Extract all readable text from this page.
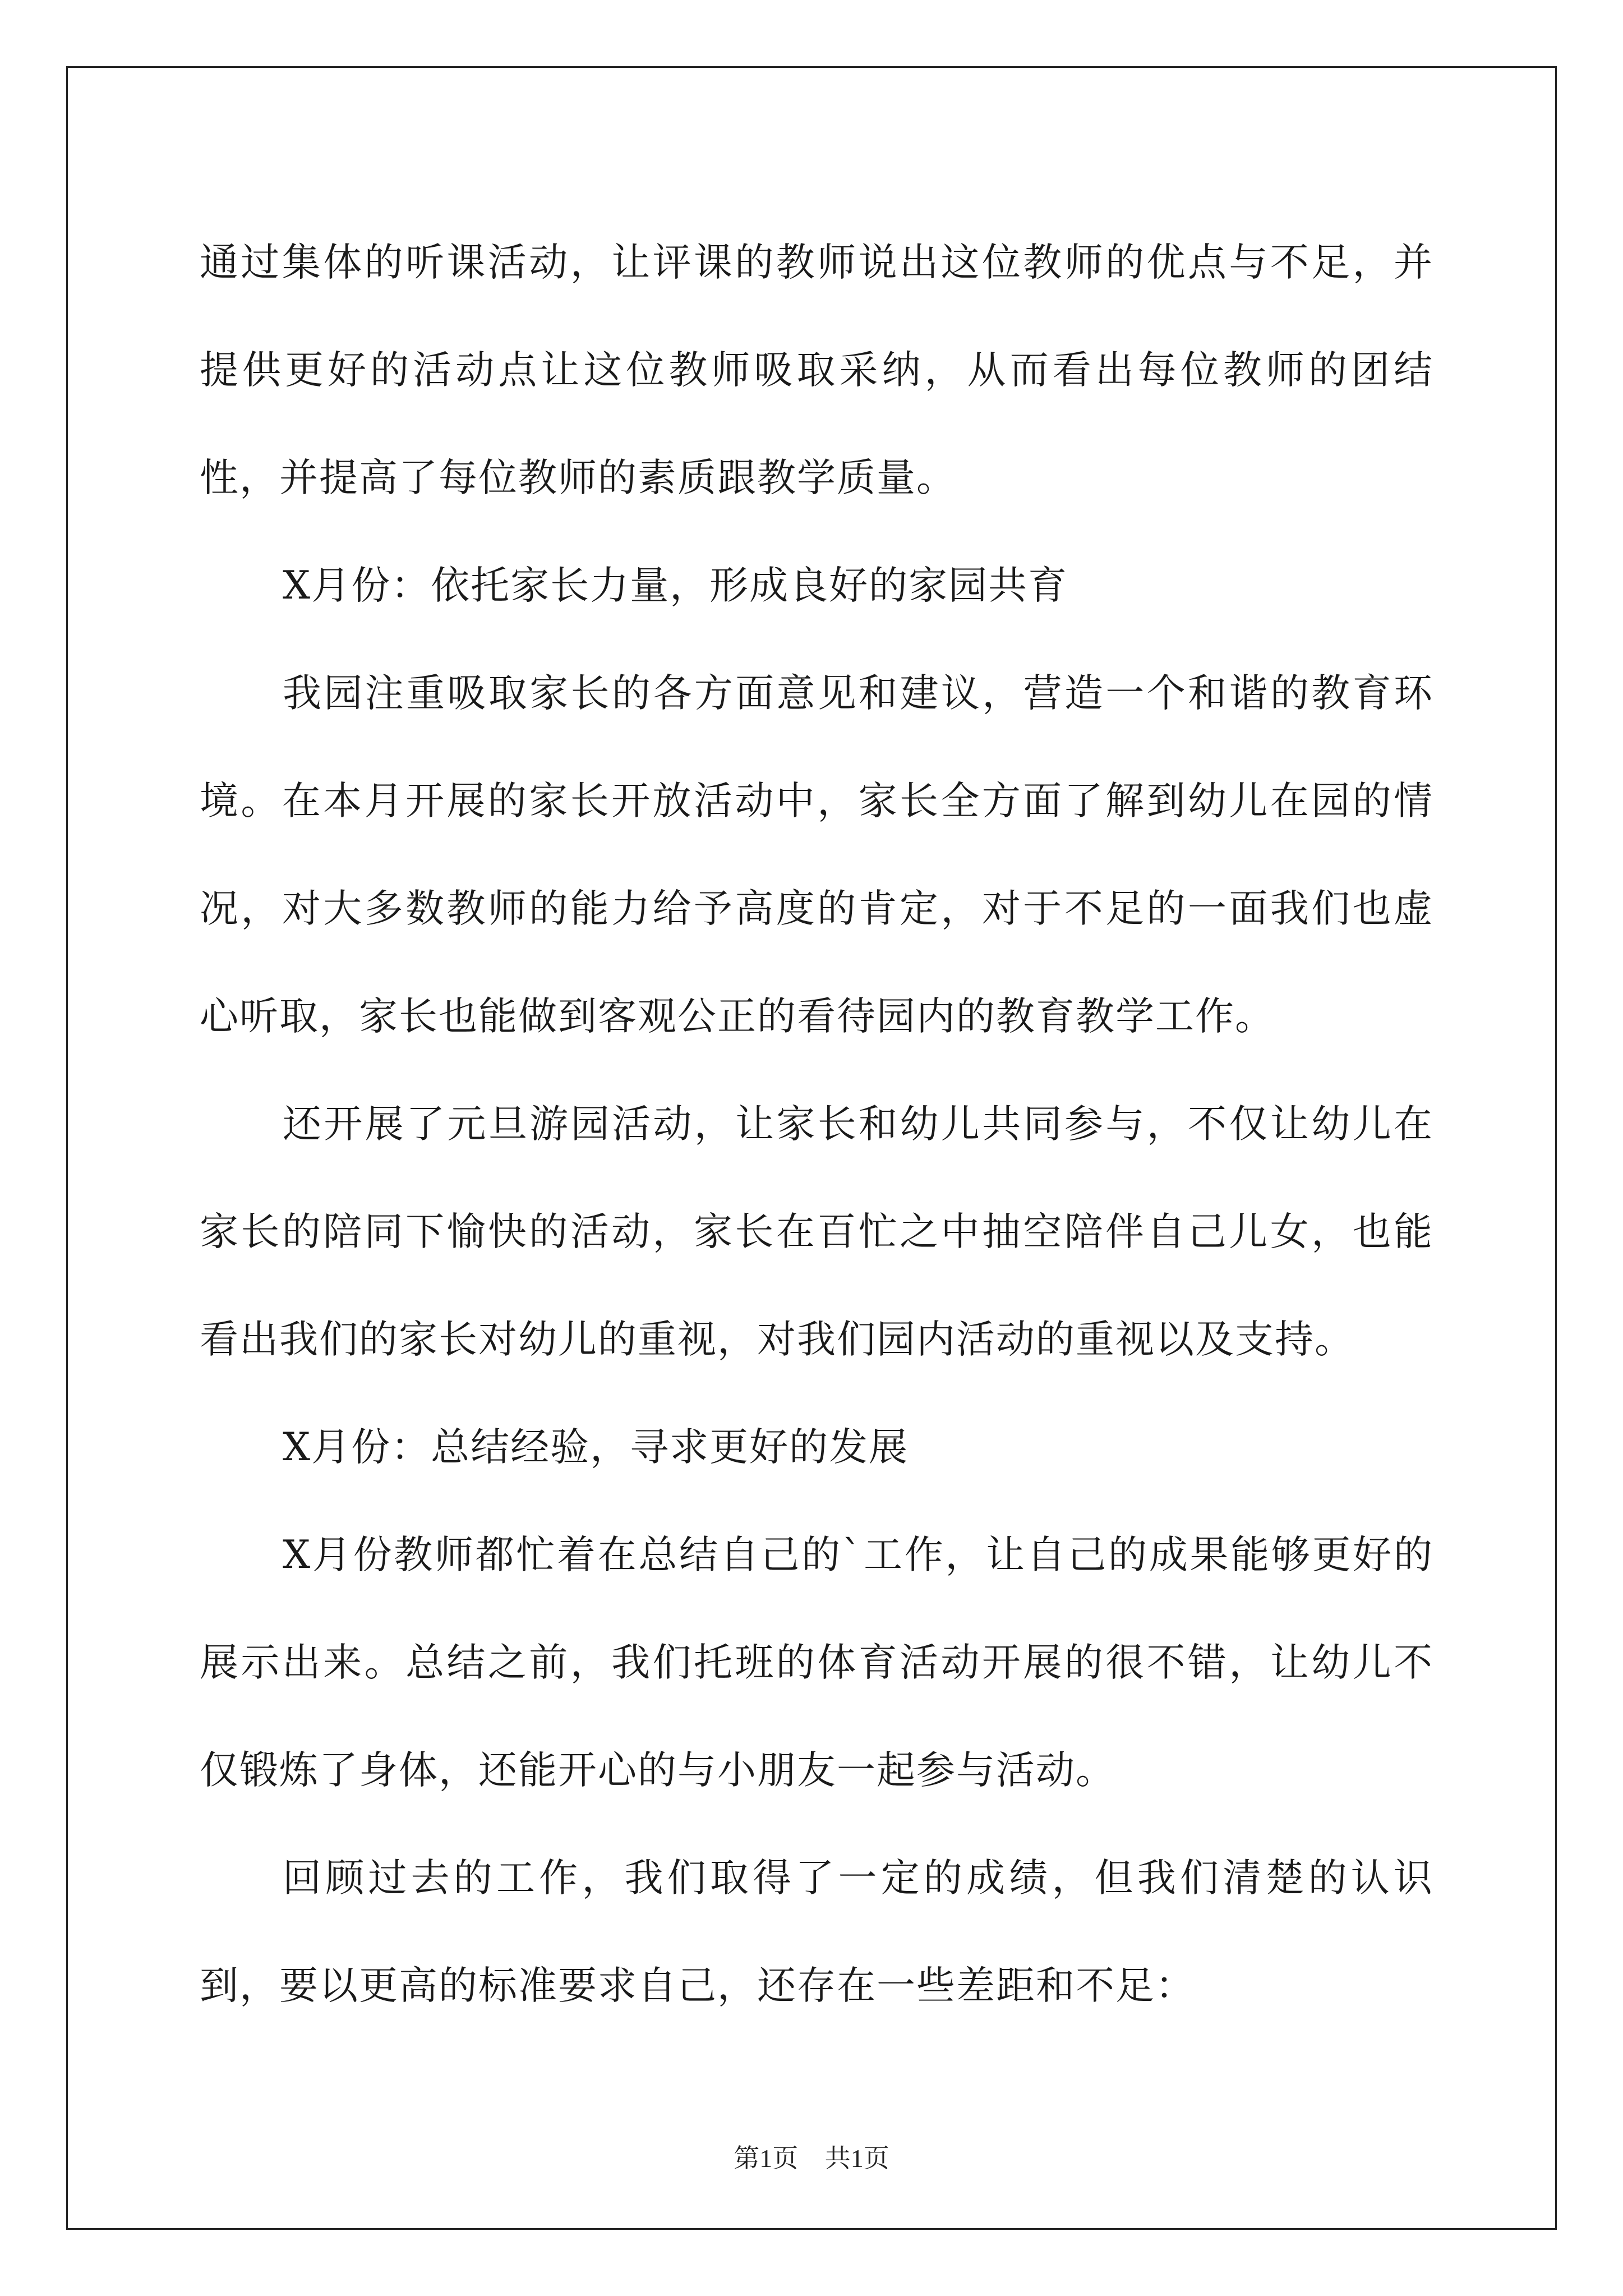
通过集体的听课活动，让评课的教师说出这位教师的优点与不足，并提供更好的活动点让这位教师吸取采纳，从而看出每位教师的团结性，并提高了每位教师的素质跟教学质量。

X月份：依托家长力量，形成良好的家园共育

我园注重吸取家长的各方面意见和建议，营造一个和谐的教育环境。在本月开展的家长开放活动中，家长全方面了解到幼儿在园的情况，对大多数教师的能力给予高度的肯定，对于不足的一面我们也虚心听取，家长也能做到客观公正的看待园内的教育教学工作。

还开展了元旦游园活动，让家长和幼儿共同参与，不仅让幼儿在家长的陪同下愉快的活动，家长在百忙之中抽空陪伴自己儿女，也能看出我们的家长对幼儿的重视，对我们园内活动的重视以及支持。

X月份：总结经验，寻求更好的发展

X月份教师都忙着在总结自己的`工作，让自己的成果能够更好的展示出来。总结之前，我们托班的体育活动开展的很不错，让幼儿不仅锻炼了身体，还能开心的与小朋友一起参与活动。

回顾过去的工作，我们取得了一定的成绩，但我们清楚的认识到，要以更高的标准要求自己，还存在一些差距和不足：

第1页 共1页
